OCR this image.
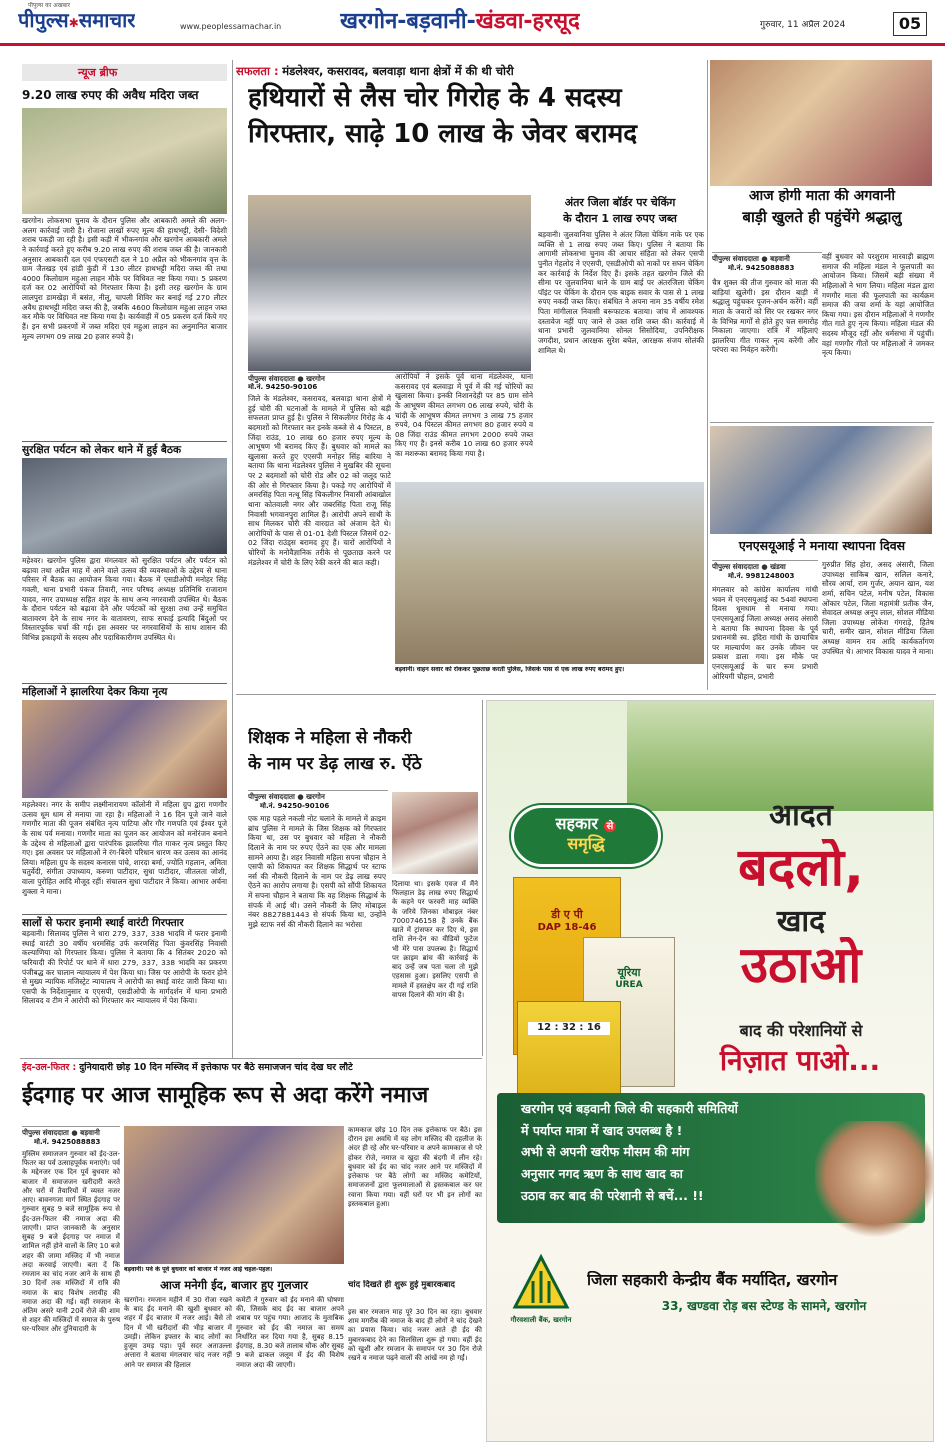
पीपुल्स का अखबार
पीपुल्स✱समाचार	www.peoplessamachar.in	खरगोन-बड़वानी-खंडवा-हरसूद	गुरुवार, 11 अप्रैल 2024	05
न्यूज ब्रीफ
9.20 लाख रुपए की अवैध मदिरा जब्त
खरगोन। लोकसभा चुनाव के दौरान पुलिस और आबकारी अमले की अलग- अलग कार्रवाई जारी है। रोजाना लाखों रुपए मूल्य की हाथभट्टी, देसी- विदेशी शराब पकड़ी जा रही है। इसी कड़ी में भीकनगांव और खरगोन आबकारी अमले ने कार्रवाई करते हुए करीब 9.20 लाख रुपए की शराब जब्त की है। जानकारी अनुसार आबकारी दल एवं एफएसटी दल ने 10 अप्रैल को भीकनगांव वृत्त के ग्राम जैतखड़ एवं हांडी कुंडी में 130 लीटर हाथभट्टी मदिरा जब्त की तथा 4000 किलोग्राम महुआ लाहन मौके पर विधिवत नष्ट किया गया। 5 प्रकरण दर्ज कर 02 आरोपियों को गिरफ्तार किया है। इसी तरह खरगोन के ग्राम लालपुरा डामखेड़ा में बसंत, नीलू, चापली शिविर कर बनाई गई 270 लीटर अवैध हाथभट्टी मदिरा जब्त की है, जबकि 4600 किलोग्राम महुआ लाहन जब्त कर मौके पर विधिवत नष्ट किया गया है। कार्यवाही में 05 प्रकरण दर्ज किये गए हैं। इन सभी प्रकरणों में जब्त मदिरा एवं महुआ लाहन का अनुमानित बाजार मूल्य लगभग 09 लाख 20 हजार रुपये है।
सुरक्षित पर्यटन को लेकर थाने में हुई बैठक
महेश्वर। खरगोन पुलिस द्वारा मंगलवार को सुरक्षित पर्यटन और पर्यटन को बढ़ावा तथा अप्रैल माह में आने वाले उत्सव की व्यवस्थाओं के उद्देश्य से थाना परिसर में बैठक का आयोजन किया गया। बैठक में एसडीओपी मनोहर सिंह गवली, थाना प्रभारी पंकज तिवारी, नगर परिषद अध्यक्ष प्रतिनिधि राजाराम यादव, नगर उपाध्यक्ष सहित शहर के साथ अन्य नगरवासी उपस्थित थे। बैठक के दौरान पर्यटन को बढ़ावा देने और पर्यटकों को सुरक्षा तथा उन्हें समुचित बातावरण देने के साथ नगर के वातावरण, साफ सफाई इत्यादि बिंदुओं पर विस्तारपूर्वक चर्चा की गई। इस अवसर पर नगरवासियों के साथ शासन की विभिन्न इकाइयों के सदस्य और पदाधिकारीगण उपस्थित थे।
महिलाओं ने झालरिया देकर किया नृत्य
महलेश्वर। नगर के समीप लक्ष्मीनारायण कॉलोनी में महिला ग्रुप द्वारा गणगौर उत्सव धूम धाम से मनाया जा रहा है। महिलाओं ने 16 दिन पूजे जाने वाले गणगौर माता की पूजन संबंधित नृत्य पाटिया और गौर गणपति एवं ईश्वर पूजे के साथ पर्व मनाया। गणगौर माता का पूजन कर आयोजन को मनोरंजन बनाने के उद्देश्य से महिलाओं द्वारा पारंपरिक झालरिया गीत गाकर नृत्य प्रस्तुत किए गए। इस अवसर पर महिलाओं ने रंग-बिरंगे परिधान धारण कर उत्सव का आनंद लिया। महिला ग्रुप के सदस्य कनारस पांचे, शारदा बर्मा, ज्योति गहलान, अमिता चतुर्वेदी, संगीता उपाध्याय, करुणा पाटीदार, सुधा पाटीदार, जीतलता जोशी, वाला पुरोहित आदि मौजूद रहीं। संचालन सुधा पाटीदार ने किया। आभार अर्चना शुक्ला ने माना।
सालों से फरार इनामी स्थाई वारंटी गिरफ्तार
बड़वानी। सिलावद पुलिस ने धारा 279, 337, 338 भादवि में फरार इनामी स्थाई वारंटी 30 वर्षीय धरमसिंह उर्फ करणसिंह पिता कुंवरसिंह निवासी कल्याणिया को गिरफ्तार किया। पुलिस ने बताया कि 4 सितंबर 2020 को फरियादी की रिपोर्ट पर थाने में धारा 279, 337, 338 भादवि का प्रकरण पंजीबद्ध कर चालान न्यायालय में पेश किया था। जिस पर आरोपी के फरार होने से मुख्य न्यायिक मजिस्ट्रेट न्यायालय ने आरोपी का स्थाई वारंट जारी किया था। एसपी के निर्देशानुसार व एएसपी, एसडीओपी के मार्गदर्शन में थाना प्रभारी सिलावद व टीम ने आरोपी को गिरफ्तार कर न्यायालय में पेश किया।
सफलता : मंडलेश्वर, कसरावद, बलवाड़ा थाना क्षेत्रों में की थी चोरी
हथियारों से लैस चोर गिरोह के 4 सदस्य
गिरफ्तार, साढ़े 10 लाख के जेवर बरामद
पीपुल्स संवाददाता ● खरगोन
मो.नं. 94250-90106
जिले के मंडलेश्वर, कसरावद, बलवाड़ा थाना क्षेत्रों में हुई चोरी की घटनाओं के मामले में पुलिस को बड़ी सफलता प्राप्त हुई है। पुलिस ने सिकलीगर गिरोह के 4 बदमाशों को गिरफ्तार कर इनके कब्जे से 4 पिस्टल, 8 जिंदा राउंड, 10 लाख 60 हजार रुपए मूल्य के आभूषण भी बरामद किए हैं। बुधवार को मामले का खुलासा करते हुए एएसपी मनोहर सिंह बारिया ने बताया कि थाना मंडलेश्वर पुलिस ने मुखबिर की सूचना पर 2 बदमाशों को चोरी रोड और 02 को जलूद फाटे की ओर से गिरफ्तार किया है। पकड़े गए आरोपियों में अमरसिंह पिता नत्थू सिंह चिकलीगर निवासी आंबाखोल थाना कोतवाली नगर और जबरसिंह पिता राजू सिंह निवासी भगवानपुरा शामिल हैं। आरोपी अपने साथी के साथ मिलकर चोरी की वारदात को अंजाम देते थे। आरोपियों के पास से 01-01 देशी पिस्टल जिसमें 02-02 जिंदा राउंड्स बरामद हुए हैं। चारों आरोपियों ने चोरियों के मनोवैज्ञानिक तरीके से पूछताछ करने पर मंडलेश्वर में चोरी के लिए रेकी करने की बात कही।
आरोपियों ने इसके पूर्व थाना मंडलेश्वर, थाना कसरावद एवं बलवाड़ा में पूर्व में की गई चोरियों का खुलासा किया। इनकी निशानदेही पर 85 ग्राम सोने के आभूषण कीमत लगभग 06 लाख रुपये, चोरी के चांदी के आभूषण कीमत लगभग 3 लाख 75 हजार रुपये, 04 पिस्टल कीमत लगभग 80 हजार रुपये व 08 जिंदा राउंड कीमत लगभग 2000 रुपये जब्त किए गए हैं। इनसे करीब 10 लाख 60 हजार रुपये का मशरूका बरामद किया गया है।
अंतर जिला बॉर्डर पर चेकिंग
के दौरान 1 लाख रुपए जब्त
बड़वानी। जुलवानिया पुलिस ने अंतर जिला चेकिंग नाके पर एक व्यक्ति से 1 लाख रुपए जब्त किए। पुलिस ने बताया कि आगामी लोकसभा चुनाव की आचार संहिता को लेकर एसपी पुनीत गेहलोद ने एएसपी, एसडीओपी को नाकों पर सघन चेकिंग कर कार्रवाई के निर्देश दिए हैं। इसके तहत खरगोन जिले की सीमा पर जुलवानिया थाने के ग्राम बाई पर अंतरजिला चेकिंग पॉइंट पर चेकिंग के दौरान एक बाइक सवार के पास से 1 लाख रुपए नकदी जब्त किए। संबंधित ने अपना नाम 35 वर्षीय रमेश पिता मांगीलाल निवासी बरूफाटक बताया। जांच में आवश्यक दस्तावेज नहीं पाए जाने से उक्त राशि जब्त की। कार्रवाई में थाना प्रभारी जुलवानिया सोनल सिसोदिया, उपनिरीक्षक जगदीश, प्रधान आरक्षक सुरेश बघेल, आरक्षक संजय सोलंकी शामिल थे।
बड़वानी। वाहन सवार को रोककर पूछताछ करती पुलिस, जिसके पास से एक लाख रुपए बरामद हुए।
आज होगी माता की अगवानी
बाड़ी खुलते ही पहुंचेंगे श्रद्धालु
पीपुल्स संवाददाता ● बड़वानी
मो.नं. 9425088883
चैत्र शुक्ल की तीज गुरुवार को माता की बाड़ियां खुलेगी। इस दौरान बाड़ी में श्रद्धालु पहुंचकर पूजन-अर्चन करेंगे। वहीं माता के जवारों को सिर पर रखकर नगर के विभिन्न मार्गों से होते हुए चल समारोह निकाला जाएगा। रात्रि में महिलाएं झालरिया गीत गाकर नृत्य करेंगी और परंपरा का निर्वहन करेंगी।
वहीं बुधवार को परशुराम मारवाड़ी ब्राह्मण समाज की महिला मंडल ने फूलपाती का आयोजन किया। जिसमें बड़ी संख्या में महिलाओं ने भाग लिया। महिला मंडल द्वारा गणगौर माता की फूलपाती का कार्यक्रम समाज की जया शर्मा के यहां आयोजित किया गया। इस दौरान महिलाओं ने गणगौर गीत गाते हुए नृत्य किया। महिला मंडल की सदस्य मौजूद रहीं और धर्मसभा में पहुंचीं। वहां गणगौर गीतों पर महिलाओं ने जमकर नृत्य किया।
एनएसयूआई ने मनाया स्थापना दिवस
पीपुल्स संवाददाता ● खंडवा
मो.नं. 9981248003
मंगलवार को कांग्रेस कार्यालय गांधी भवन में एनएसयूआई का 54वां स्थापना दिवस धूमधाम से मनाया गया। एनएसयूआई जिला अध्यक्ष असद अंसारी ने बताया कि स्थापना दिवस के पूर्व प्रधानमंत्री स्व. इंदिरा गांधी के छायाचित्र पर माल्यार्पण कर उनके जीवन पर प्रकाश डाला गया। इस मौके पर एनएसयूआई के चार रूम प्रभारी ओरियगी चौहान, प्रभारी
गुरुप्रीत सिंह होरा, असद अंसारी, जिला उपाध्यक्ष साकिब खान, सलिल कनारे, सौरव आर्या, राम गुर्जर, अयान खान, यश शर्मा, सचिन पटेल, मनीष पटेल, विकास ओंकार पटेल, जिला महामंत्री प्रतीक जैन, सेवादल अध्यक्ष अनूप लाल, सोशल मीडिया जिला उपाध्यक्ष लोकेश गंगराड़े, हितेष चारी, समीर खान, सोशल मीडिया जिला अध्यक्ष वामन राव आदि कार्यकर्तागण उपस्थित थे। आभार विकास यादव ने माना।
शिक्षक ने महिला से नौकरी
के नाम पर डेढ़ लाख रु. ऐंठे
पीपुल्स संवाददाता ● खरगोन
मो.नं. 94250-90106
एक माह पहले नकली नोट चलाने के मामले में क्राइम ब्रांच पुलिस ने मामले के जिस शिक्षक को गिरफ्तार किया था, उस पर बुधवार को महिला ने नौकरी दिलाने के नाम पर रुपए ऐंठने का एक और मामला सामने आया है। शहर निवासी महिला सपना चौहान ने एसपी को शिकायत कर शिक्षक सिद्धार्थ पर स्टाफ नर्स की नौकरी दिलाने के नाम पर डेढ़ लाख रुपए ऐंठने का आरोप लगाया है। एसपी को सौंपी शिकायत में सपना चौहान ने बताया कि वह शिक्षक सिद्धार्थ के संपर्क में आई थी। उसने नौकरी के लिए मोबाइल नंबर 8827881443 से संपर्क किया था, उन्होंने मुझे स्टाफ नर्स की नौकरी दिलाने का भरोसा
दिलाया था। इसके एवज में मैंने फिलहाल डेढ़ लाख रुपए सिद्धार्थ के कहने पर फरवरी माह व्यक्ति के जरिये जिनका मोबाइल नंबर 7000746158 है उनके बैंक खाते में ट्रांसफर कर दिए थे, इस राशि लेन-देन का वीडियो फुटेज भी मेरे पास उपलब्ध है। सिद्धार्थ पर क्राइम ब्रांच की कार्रवाई के बाद उन्हें जब पता चला तो मुझे एहसास हुआ। इसलिए एसपी से मामले में हस्तक्षेप कर दी गई राशि वापस दिलाने की मांग की है।
ईद-उल-फितर : दुनियादारी छोड़ 10 दिन मस्जिद में इत्तेकाफ पर बैठे समाजजन चांद देख घर लौटे
ईदगाह पर आज सामूहिक रूप से अदा करेंगे नमाज
पीपुल्स संवाददाता ● बड़वानी
मो.नं. 9425088883
मुस्लिम समाजजन गुरुवार को ईद-उल-फितर का पर्व उत्साहपूर्वक मनाएंगे। पर्व के मद्देनजर एक दिन पूर्व बुधवार को बाजार में समाजजन खरीदारी करते और घरों में तैयारियों में व्यस्त नजर आए। बावनगजा मार्ग स्थित ईदगाह पर गुरुवार सुबह 9 बजे सामूहिक रूप से ईद-उल-फितर की नमाज अदा की जाएगी। प्राप्त जानकारी के अनुसार सुबह 9 बजे ईदगाह पर नमाज में शामिल नहीं होने वालों के लिए 10 बजे शहर की जामा मस्जिद में भी नमाज अदा करवाई जाएगी। बता दें कि रमजान का चांद नजर आने के साथ ही 30 दिनों तक मस्जिदों में रात्रि की नमाज के बाद विशेष तरावीह की नमाज अदा की गई। वहीं रमजान के अंतिम असरे यानी 20वें रोजे की शाम से शहर की मस्जिदों में समाज के पुरुष घर-परिवार और दुनियादारी के
बड़वानी। पर्व के पूर्व बुधवार को बाजार में नजर आई चहल-पहल।
कामकाज छोड़ 10 दिन तक इत्तेकाफ पर बैठे। इस दौरान इस अवधि में यह लोग मस्जिद की दहलीज के अंदर ही रहे और घर-परिवार व अपने कामकाज से परे होकर रोजे, नमाज व खुदा की बंदगी में लीन रहे। बुधवार को ईद का चांद नजर आने पर मस्जिदों में इत्तेकाफ पर बैठे लोगों का मस्जिद कमेटियों, समाजजनों द्वारा फूलमालाओं से इस्तकबाल कर घर रवाना किया गया। वहीं घरों पर भी इन लोगों का इस्तकबाल हुआ।
आज मनेगी ईद, बाजार हुए गुलजार
खरगोन। रमजान महीने में 30 रोजा रखने के बाद ईद मनाने की खुशी बुधवार को शहर में ईद बाजार में नजर आई। बैसे तो दिन में भी खरीदारों की भीड़ बाजार में उमड़ी। लेकिन इफ्तार के बाद लोगों का हुजूम उमड़ पड़ा। पूर्व सदर अताउल्ला अत्तारा ने बताया मंगलवार चांद नजर नहीं आने पर समाज की हिलाल
कमेटी ने गुरुवार को ईद मनाने की घोषणा की, जिसके बाद ईद का बाजार अपने शबाब पर पहुंच गया। आजाद के मुताबिक गुरुवार को ईद की नमाज का समय निर्धारित कर दिया गया है, सुबह 8.15 ईदगाह, 8.30 बजे तालाब चौक और सुबह 9 बजे ढाकल जलूम में ईद की विशेष नमाज अदा की जाएगी।
चांद दिखते ही शुरू हुई मुबारकबाद
इस बार रमजान माह पूरे 30 दिन का रहा। बुधवार शाम मगरीब की नमाज के बाद ही लोगों ने चांद देखने का प्रयास किया। चांद नजर आते ही ईद की मुबारकबाद देने का सिलसिला शुरू हो गया। वहीं ईद को खुशी और रमजान के समापन पर 30 दिन रोजे रखने व नमाज पढ़ने वालों की आंखें नम हो गईं।
सहकार से
समृद्धि
डी ए पी
DAP 18-46
यूरिया
UREA
12 : 32 : 16
आदत
बदलो,
खाद
उठाओ
बाद की परेशानियों से
निज़ात पाओ...
खरगोन एवं बड़वानी जिले की सहकारी समितियों
में पर्याप्त मात्रा में खाद उपलब्ध है !
अभी से अपनी खरीफ मौसम की मांग
अनुसार नगद ऋण के साथ खाद का
उठाव कर बाद की परेशानी से बचें... !!
गौरवशाली बैंक, खरगोन
जिला सहकारी केन्द्रीय बैंक मर्यादित, खरगोन
33, खण्डवा रोड़ बस स्टेण्ड के सामने, खरगोन
